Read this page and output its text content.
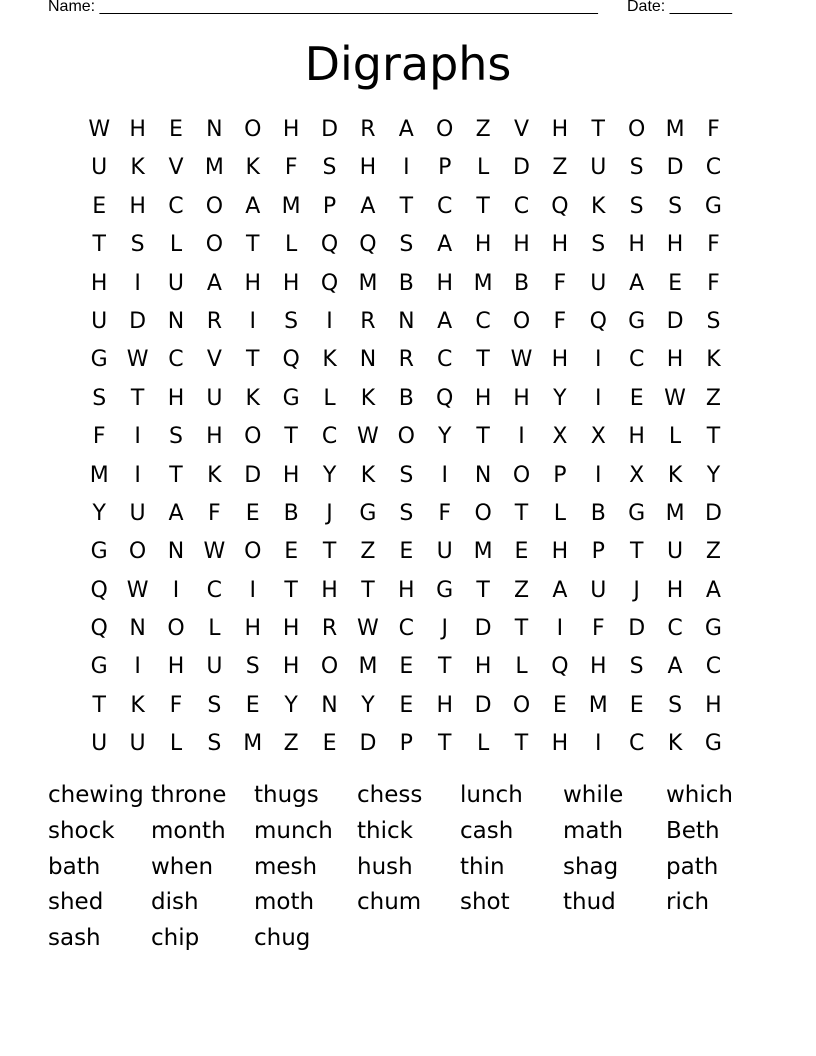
Name: ________________________________________________________ Date: _______
Digraphs
W H	E	N O H D	R	A	O	Z	V	H	T	O M	F
U	K	V M K	F	S	H	I	P	L	D	Z	U	S	D	C
E	H	C	O	A M	P	A	T	C	T	C	Q	K	S	S	G
T	S	L	O	T	L	Q Q	S	A	H H H	S	H H	F
H	I	U	A	H H Q M B	H M B	F	U	A	E	F
U D N	R	I	S	I	R	N	A	C	O	F	Q G D	S
G W C	V	T	Q	K	N	R	C	T W H	I	C	H	K
S	T	H	U	K	G	L	K	B	Q H H	Y	I	E W Z
F	I	S	H O	T	C W O	Y	T	I	X	X	H	L	T
M	I	T	K	D H	Y	K	S	I	N O	P	I	X	K	Y
Y	U	A	F	E	B	J	G	S	F	O	T	L	B	G M D
G O N W O	E	T	Z	E	U M E	H	P	T	U	Z
Q W	I	C	I	T	H	T	H G	T	Z	A	U	J	H	A
Q N O	L	H H	R W C	J	D	T	I	F	D	C	G
G	I	H	U	S	H O M E	T	H	L	Q H	S	A	C
T	K	F	S	E	Y	N	Y	E	H D O	E M E	S	H
U	U	L	S M Z	E	D	P	T	L	T	H	I	C	K	G
chewing throne	thugs	chess	lunch	while	which
shock	month	munch	thick	cash	math	Beth
bath	when	mesh	hush	thin	shag	path
shed	dish	moth	chum	shot	thud	rich
sash	chip	chug
